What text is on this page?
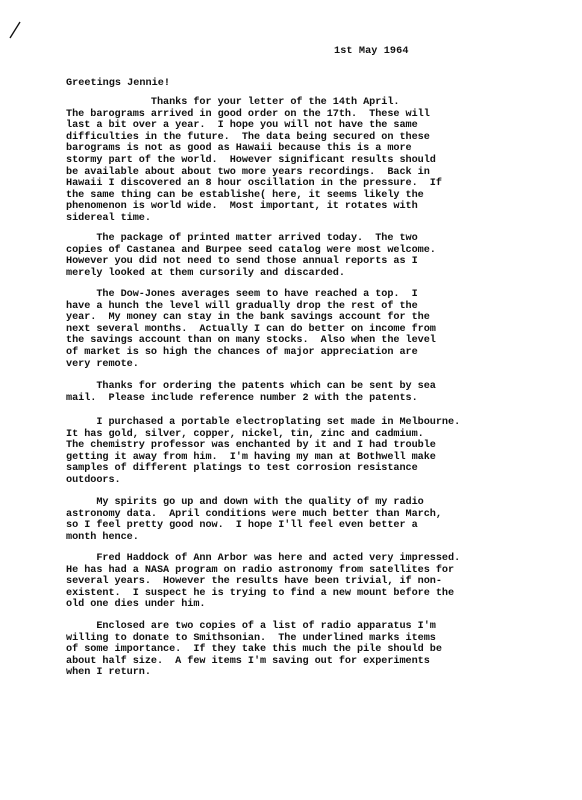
1st May 1964
Greetings Jennie!
Thanks for your letter of the 14th April.
The barograms arrived in good order on the 17th.  These will
last a bit over a year.  I hope you will not have the same
difficulties in the future.  The data being secured on these
barograms is not as good as Hawaii because this is a more
stormy part of the world.  However significant results should
be available about about two more years recordings.  Back in
Hawaii I discovered an 8 hour oscillation in the pressure.  If
the same thing can be establishe( here, it seems likely the
phenomenon is world wide.  Most important, it rotates with
sidereal time.
The package of printed matter arrived today.  The two
copies of Castanea and Burpee seed catalog were most welcome.
However you did not need to send those annual reports as I
merely looked at them cursorily and discarded.
The Dow-Jones averages seem to have reached a top.  I
have a hunch the level will gradually drop the rest of the
year.  My money can stay in the bank savings account for the
next several months.  Actually I can do better on income from
the savings account than on many stocks.  Also when the level
of market is so high the chances of major appreciation are
very remote.
Thanks for ordering the patents which can be sent by sea
mail.  Please include reference number 2 with the patents.
I purchased a portable electroplating set made in Melbourne.
It has gold, silver, copper, nickel, tin, zinc and cadmium.
The chemistry professor was enchanted by it and I had trouble
getting it away from him.  I'm having my man at Bothwell make
samples of different platings to test corrosion resistance
outdoors.
My spirits go up and down with the quality of my radio
astronomy data.  April conditions were much better than March,
so I feel pretty good now.  I hope I'll feel even better a
month hence.
Fred Haddock of Ann Arbor was here and acted very impressed.
He has had a NASA program on radio astronomy from satellites for
several years.  However the results have been trivial, if non-
existent.  I suspect he is trying to find a new mount before the
old one dies under him.
Enclosed are two copies of a list of radio apparatus I'm
willing to donate to Smithsonian.  The underlined marks items
of some importance.  If they take this much the pile should be
about half size.  A few items I'm saving out for experiments
when I return.
